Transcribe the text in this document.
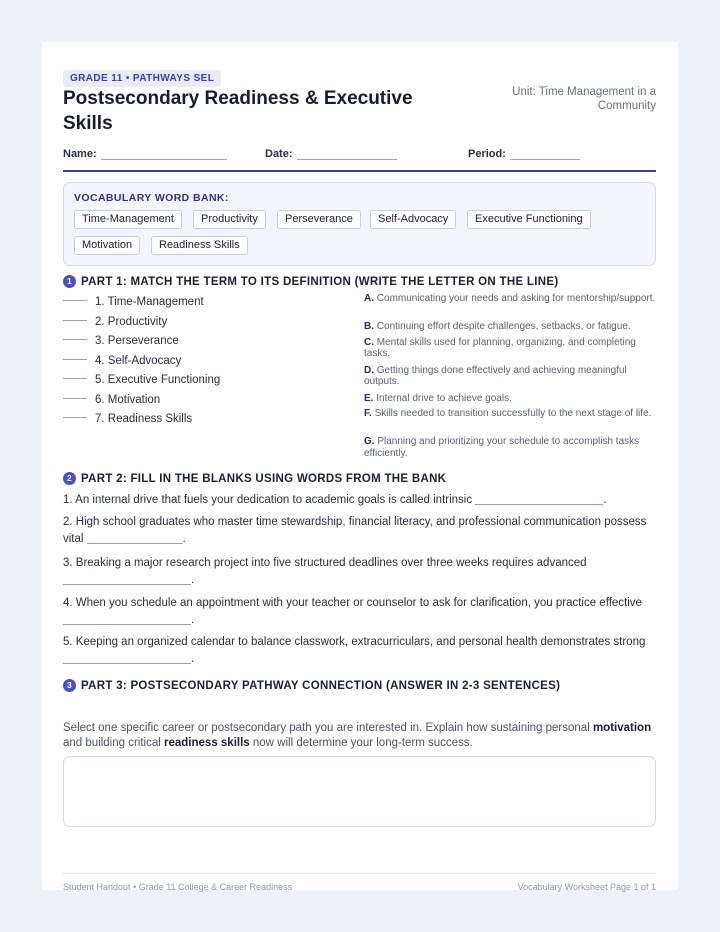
GRADE 11 • PATHWAYS SEL
Postsecondary Readiness & Executive Skills
Unit: Time Management in a Community
Name:	Date:	Period:
VOCABULARY WORD BANK:
Time-Management	Productivity	Perseverance	Self-Advocacy	Executive Functioning
Motivation	Readiness Skills
1 PART 1: MATCH THE TERM TO ITS DEFINITION (WRITE THE LETTER ON THE LINE)
1. Time-Management
2. Productivity
3. Perseverance
4. Self-Advocacy
5. Executive Functioning
6. Motivation
7. Readiness Skills
A. Communicating your needs and asking for mentorship/support.
B. Continuing effort despite challenges, setbacks, or fatigue.
C. Mental skills used for planning, organizing, and completing tasks.
D. Getting things done effectively and achieving meaningful outputs.
E. Internal drive to achieve goals.
F. Skills needed to transition successfully to the next stage of life.
G. Planning and prioritizing your schedule to accomplish tasks efficiently.
2 PART 2: FILL IN THE BLANKS USING WORDS FROM THE BANK
1. An internal drive that fuels your dedication to academic goals is called intrinsic	.
2. High school graduates who master time stewardship, financial literacy, and professional communication possess
vital	.
3. Breaking a major research project into five structured deadlines over three weeks requires advanced
.
4. When you schedule an appointment with your teacher or counselor to ask for clarification, you practice effective
.
5. Keeping an organized calendar to balance classwork, extracurriculars, and personal health demonstrates strong
.
3 PART 3: POSTSECONDARY PATHWAY CONNECTION (ANSWER IN 2-3 SENTENCES)
Select one specific career or postsecondary path you are interested in. Explain how sustaining personal motivation and building critical readiness skills now will determine your long-term success.
Student Handout • Grade 11 College & Career Readiness	Vocabulary Worksheet Page 1 of 1
